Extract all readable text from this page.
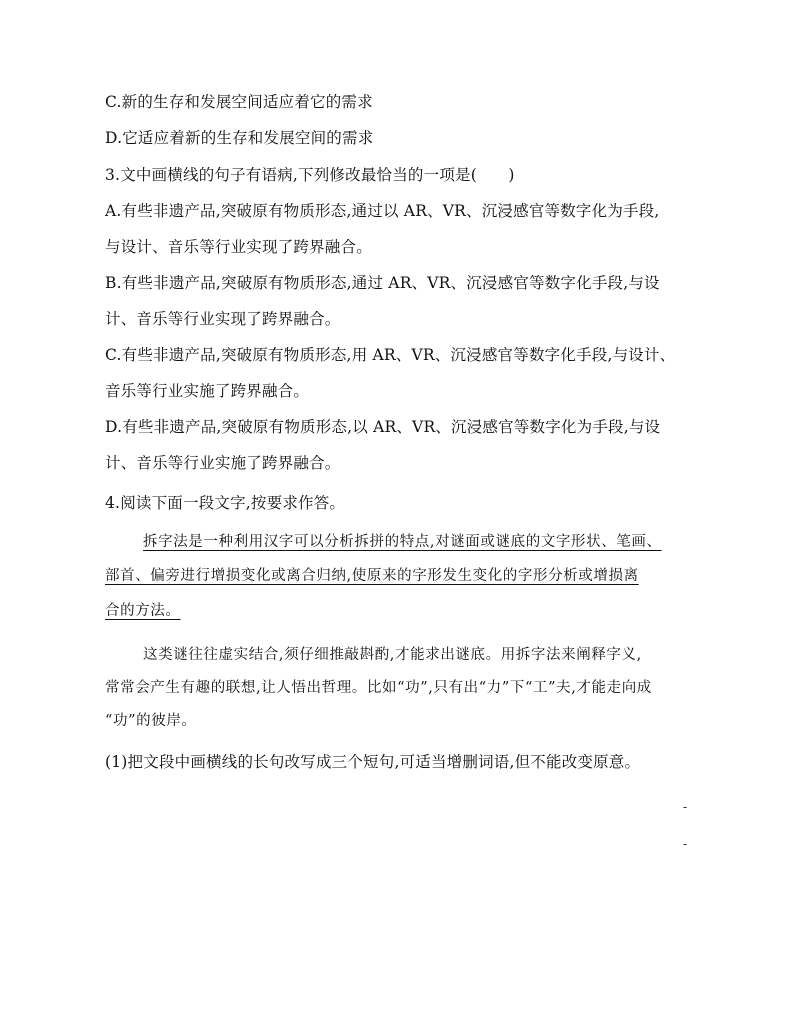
C.新的生存和发展空间适应着它的需求
D.它适应着新的生存和发展空间的需求
3.文中画横线的句子有语病,下列修改最恰当的一项是(　　)
A.有些非遗产品,突破原有物质形态,通过以 AR、VR、沉浸感官等数字化为手段,
与设计、音乐等行业实现了跨界融合。
B.有些非遗产品,突破原有物质形态,通过 AR、VR、沉浸感官等数字化手段,与设
计、音乐等行业实现了跨界融合。
C.有些非遗产品,突破原有物质形态,用 AR、VR、沉浸感官等数字化手段,与设计、
音乐等行业实施了跨界融合。
D.有些非遗产品,突破原有物质形态,以 AR、VR、沉浸感官等数字化为手段,与设
计、音乐等行业实施了跨界融合。
4.阅读下面一段文字,按要求作答。
拆字法是一种利用汉字可以分析拆拼的特点,对谜面或谜底的文字形状、笔画、
部首、偏旁进行增损变化或离合归纳,使原来的字形发生变化的字形分析或增损离
合的方法。
这类谜往往虚实结合,须仔细推敲斟酌,才能求出谜底。用拆字法来阐释字义,
常常会产生有趣的联想,让人悟出哲理。比如“功”,只有出“力”下“工”夫,才能走向成
“功”的彼岸。
(1)把文段中画横线的长句改写成三个短句,可适当增删词语,但不能改变原意。
-
-
